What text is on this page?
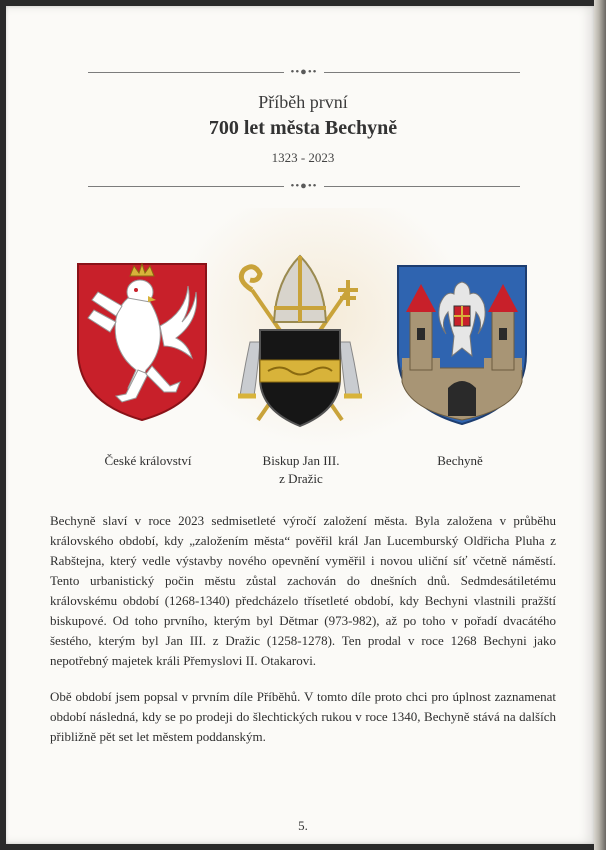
••●••
Příběh první
700 let města Bechyně
1323 - 2023
••●••
České království	Biskup Jan III.
z Dražic
Bechyně

Bechyně slaví v roce 2023 sedmisetleté výročí založení města. Byla založena v průběhu královského období, kdy „založením města“ pověřil král Jan Lucemburský Oldřicha Pluha z Rabštejna, který vedle výstavby nového opevnění vyměřil i novou uliční síť včetně náměstí. Tento urbanistický počin městu zůstal zachován do dnešních dnů. Sedmdesátiletému královskému období (1268-1340) předcházelo třísetleté období, kdy Bechyni vlastnili pražští biskupové. Od toho prvního, kterým byl Dětmar (973-982), až po toho v pořadí dvacátého šestého, kterým byl Jan III. z Dražic (1258-1278). Ten prodal v roce 1268 Bechyni jako nepotřebný majetek králi Přemyslovi II. Otakarovi.

Obě období jsem popsal v prvním díle Příběhů. V tomto díle proto chci pro úplnost zaznamenat období následná, kdy se po prodeji do šlechtických rukou v roce 1340, Bechyně stává na dalších přibližně pět set let městem poddanským.

5.
